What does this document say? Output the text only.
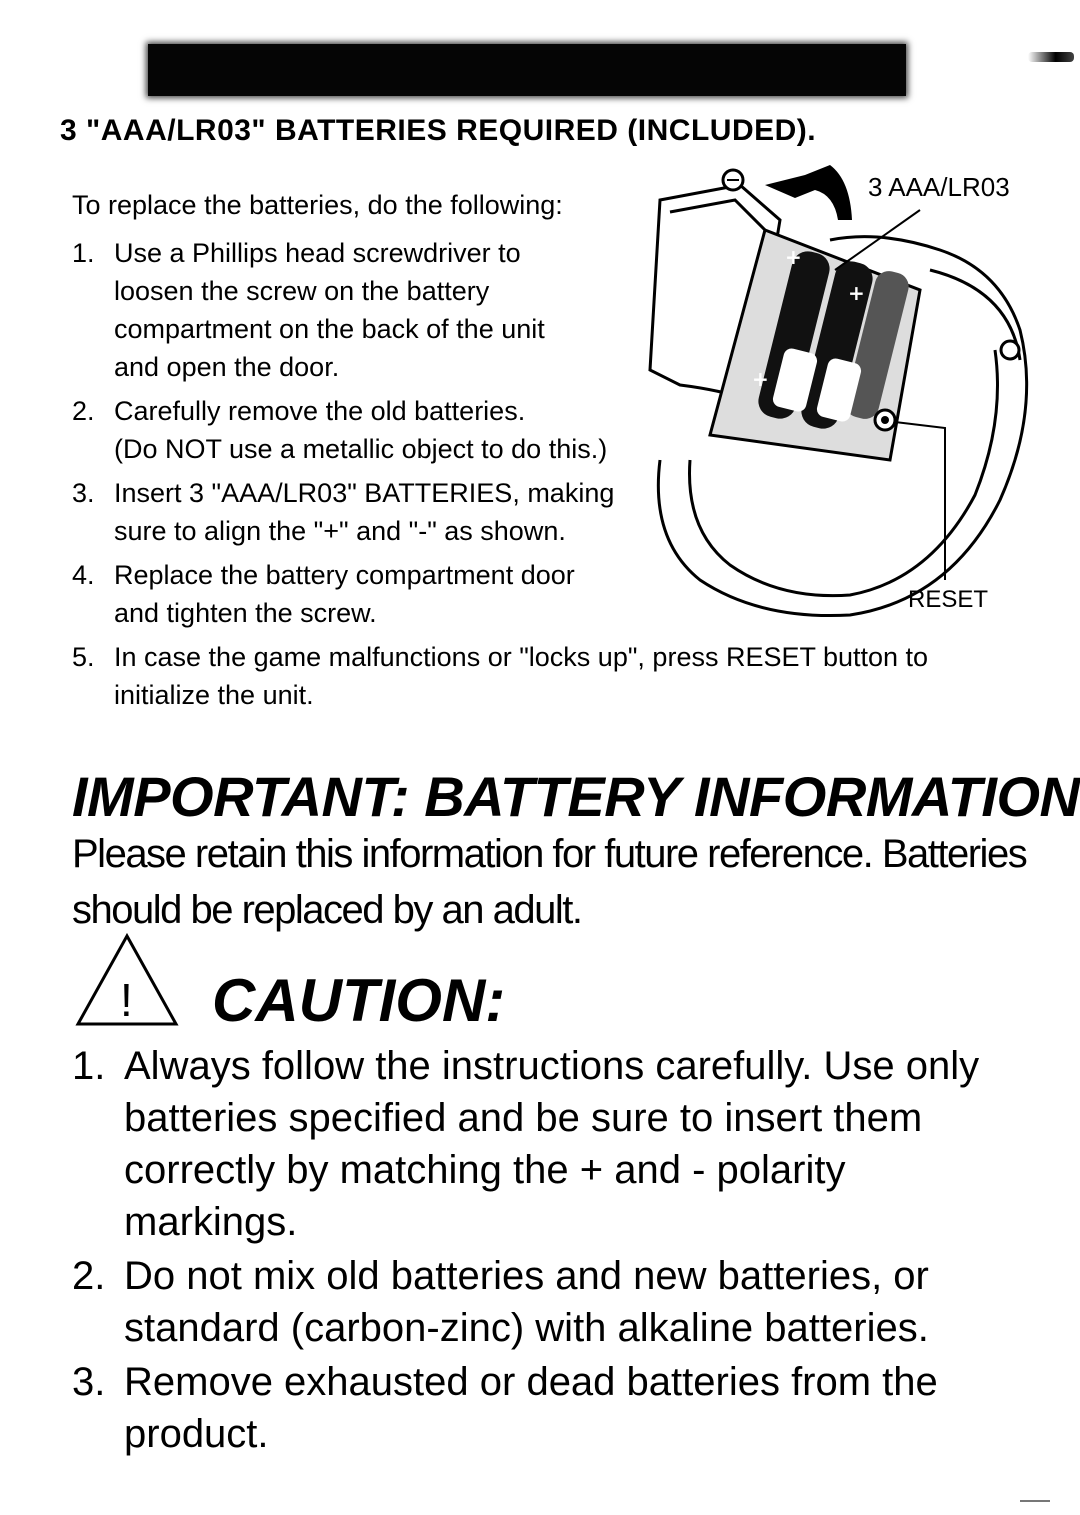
3 "AAA/LR03" BATTERIES REQUIRED (INCLUDED).
To replace the batteries, do the following:
1. Use a Phillips head screwdriver to
loosen the screw on the battery
compartment on the back of the unit
and open the door.
2. Carefully remove the old batteries.
(Do NOT use a metallic object to do this.)
3. Insert 3 "AAA/LR03" BATTERIES, making
sure to align the "+" and "-" as shown.
4. Replace the battery compartment door
and tighten the screw.
5. In case the game malfunctions or "locks up", press RESET button to
initialize the unit.
+
+
+
3 AAA/LR03
RESET
IMPORTANT: BATTERY INFORMATION
Please retain this information for future reference. Batteries
should be replaced by an adult.
! CAUTION:
1. Always follow the instructions carefully. Use only
batteries specified and be sure to insert them
correctly by matching the + and - polarity
markings.
2. Do not mix old batteries and new batteries, or
standard (carbon-zinc) with alkaline batteries.
3. Remove exhausted or dead batteries from the
product.
